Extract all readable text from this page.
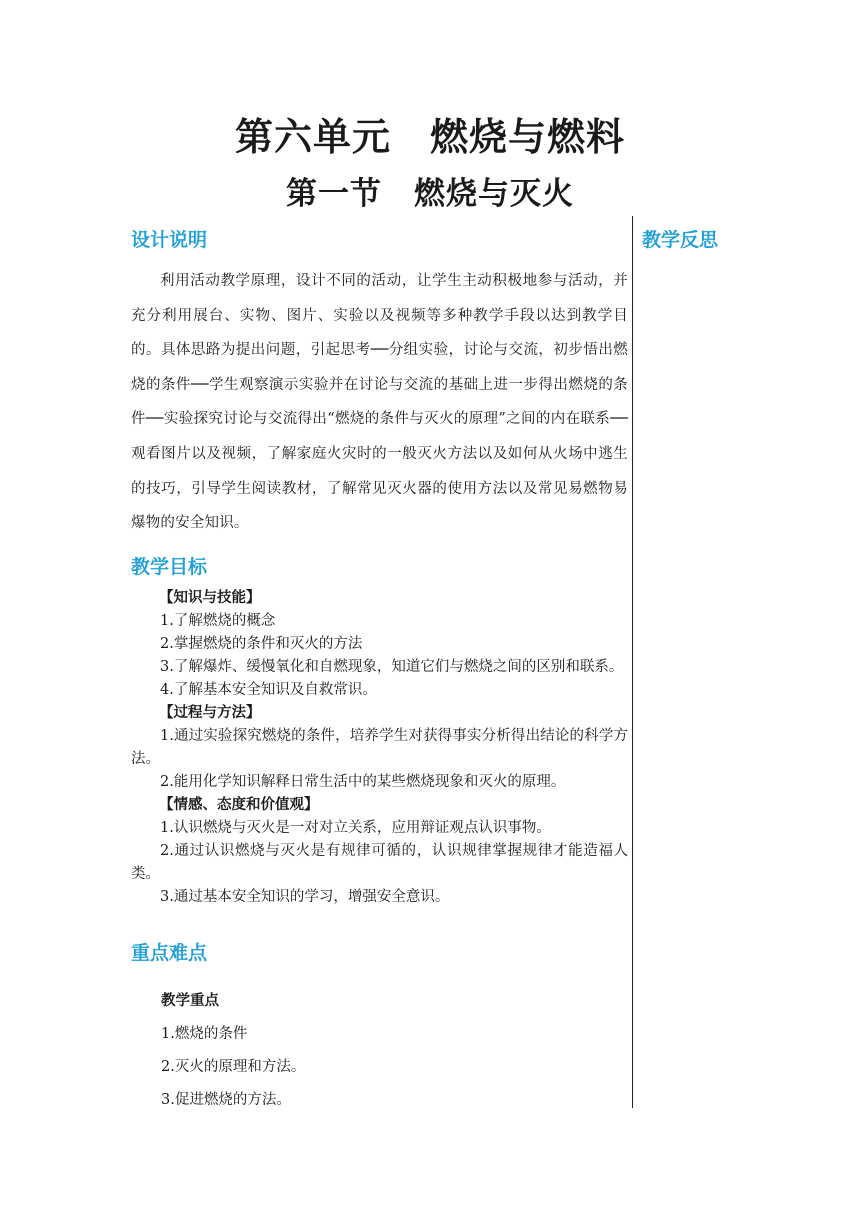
第六单元　燃烧与燃料
第一节　燃烧与灭火
设计说明

利用活动教学原理，设计不同的活动，让学生主动积极地参与活动，并充分利用展台、实物、图片、实验以及视频等多种教学手段以达到教学目的。具体思路为提出问题，引起思考──分组实验，讨论与交流，初步悟出燃烧的条件──学生观察演示实验并在讨论与交流的基础上进一步得出燃烧的条件──实验探究讨论与交流得出“燃烧的条件与灭火的原理”之间的内在联系──观看图片以及视频，了解家庭火灾时的一般灭火方法以及如何从火场中逃生的技巧，引导学生阅读教材，了解常见灭火器的使用方法以及常见易燃物易爆物的安全知识。

教学目标

【知识与技能】

1.了解燃烧的概念

2.掌握燃烧的条件和灭火的方法

3.了解爆炸、缓慢氧化和自燃现象，知道它们与燃烧之间的区别和联系。

4.了解基本安全知识及自救常识。

【过程与方法】

1.通过实验探究燃烧的条件，培养学生对获得事实分析得出结论的科学方法。

2.能用化学知识解释日常生活中的某些燃烧现象和灭火的原理。

【情感、态度和价值观】

1.认识燃烧与灭火是一对对立关系，应用辩证观点认识事物。

2.通过认识燃烧与灭火是有规律可循的，认识规律掌握规律才能造福人类。

3.通过基本安全知识的学习，增强安全意识。

重点难点

教学重点

1.燃烧的条件

2.灭火的原理和方法。

3.促进燃烧的方法。

教学反思
